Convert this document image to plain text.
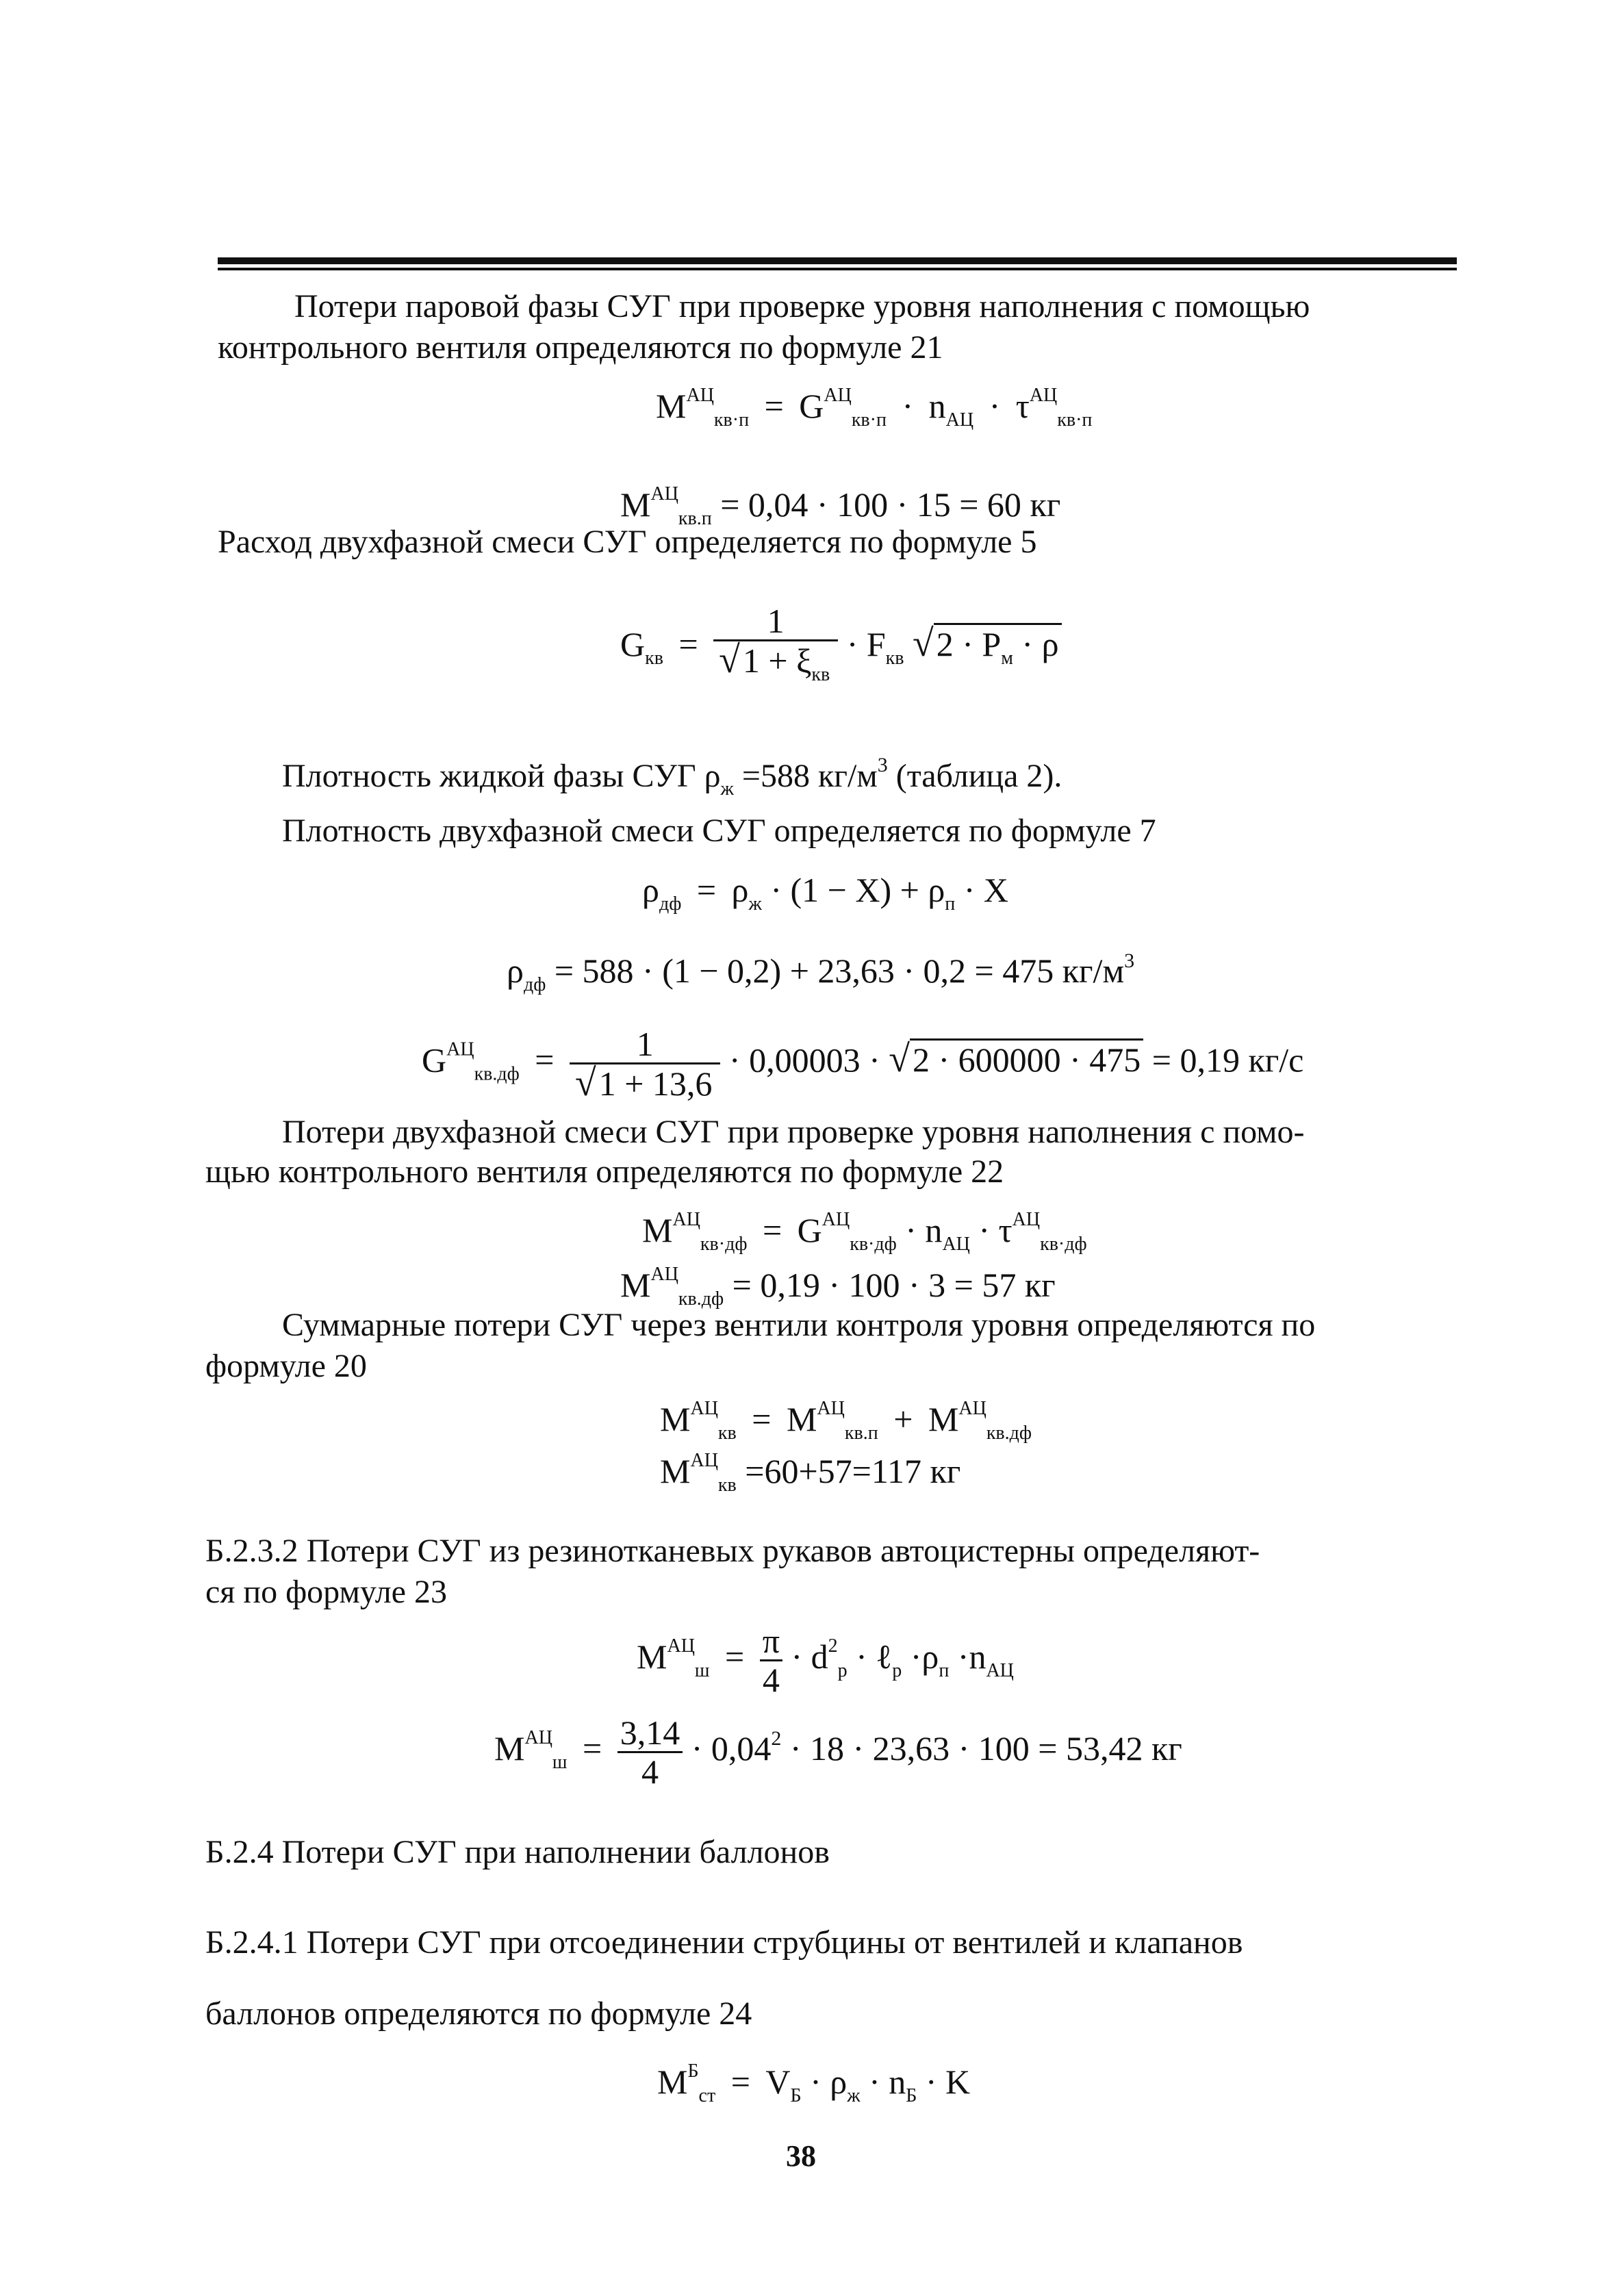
Потери паровой фазы СУГ при проверке уровня наполнения с помощью
контрольного вентиля определяются по формуле 21
$M^{АЦ}_{кв\cdot п} = G^{АЦ}_{кв\cdot п} \cdot n_{АЦ} \cdot \tau^{АЦ}_{кв\cdot п}$
$M^{АЦ}_{кв.п} = 0,04 \cdot 100 \cdot 15 = 60$ кг
Расход двухфазной смеси СУГ определяется по формуле 5
$G_{кв} = \frac{1}{√1 + \xi_{кв}} \cdot F_{кв}$ $√2 \cdot P_м \cdot \rho$
Плотность жидкой фазы СУГ $\rho_ж =588$ $кг/м^3$ (таблица 2).
Плотность двухфазной смеси СУГ определяется по формуле 7
$\rho_{дф} = \rho_ж \cdot (1 - X) + \rho_п \cdot X$
$\rho_{дф} = 588 \cdot (1 - 0,2) + 23,63 \cdot 0,2 = 475$ $кг/м^3$
$G^{АЦ}_{кв.дф} = \frac{1}{√1 + 13,6} \cdot 0,00003 \cdot √2 \cdot 600000 \cdot 475 = 0,19$ кг/с
Потери двухфазной смеси СУГ при проверке уровня наполнения с помо-
щью контрольного вентиля определяются по формуле 22
$M^{АЦ}_{кв\cdot дф} = G^{АЦ}_{кв\cdot дф} \cdot n_{АЦ} \cdot \tau^{АЦ}_{кв\cdot дф}$
$M^{АЦ}_{кв.дф} = 0,19 \cdot 100 \cdot 3 = 57$ кг
Суммарные потери СУГ через вентили контроля уровня определяются по
формуле 20
$M^{АЦ}_{кв} = M^{АЦ}_{кв.п} + M^{АЦ}_{кв.дф}$
$M^{АЦ}_{кв} =60+57=117$ кг
Б.2.3.2 Потери СУГ из резинотканевых рукавов автоцистерны определяют-
ся по формуле 23
$M^{АЦ}_ш = \frac{\pi}{4} \cdot d^2_р$ · ℓ$_р$ $\cdot\rho_п \cdot n_{АЦ}$
$M^{АЦ}_ш = \frac{3,14}{4} \cdot 0,04^2 \cdot 18 \cdot 23,63 \cdot 100 = 53,42$ кг
Б.2.4 Потери СУГ при наполнении баллонов
Б.2.4.1 Потери СУГ при отсоединении струбцины от вентилей и клапанов
баллонов определяются по формуле 24
$M^Б_{ст} = V_Б \cdot \rho_ж \cdot n_Б \cdot K$
38
